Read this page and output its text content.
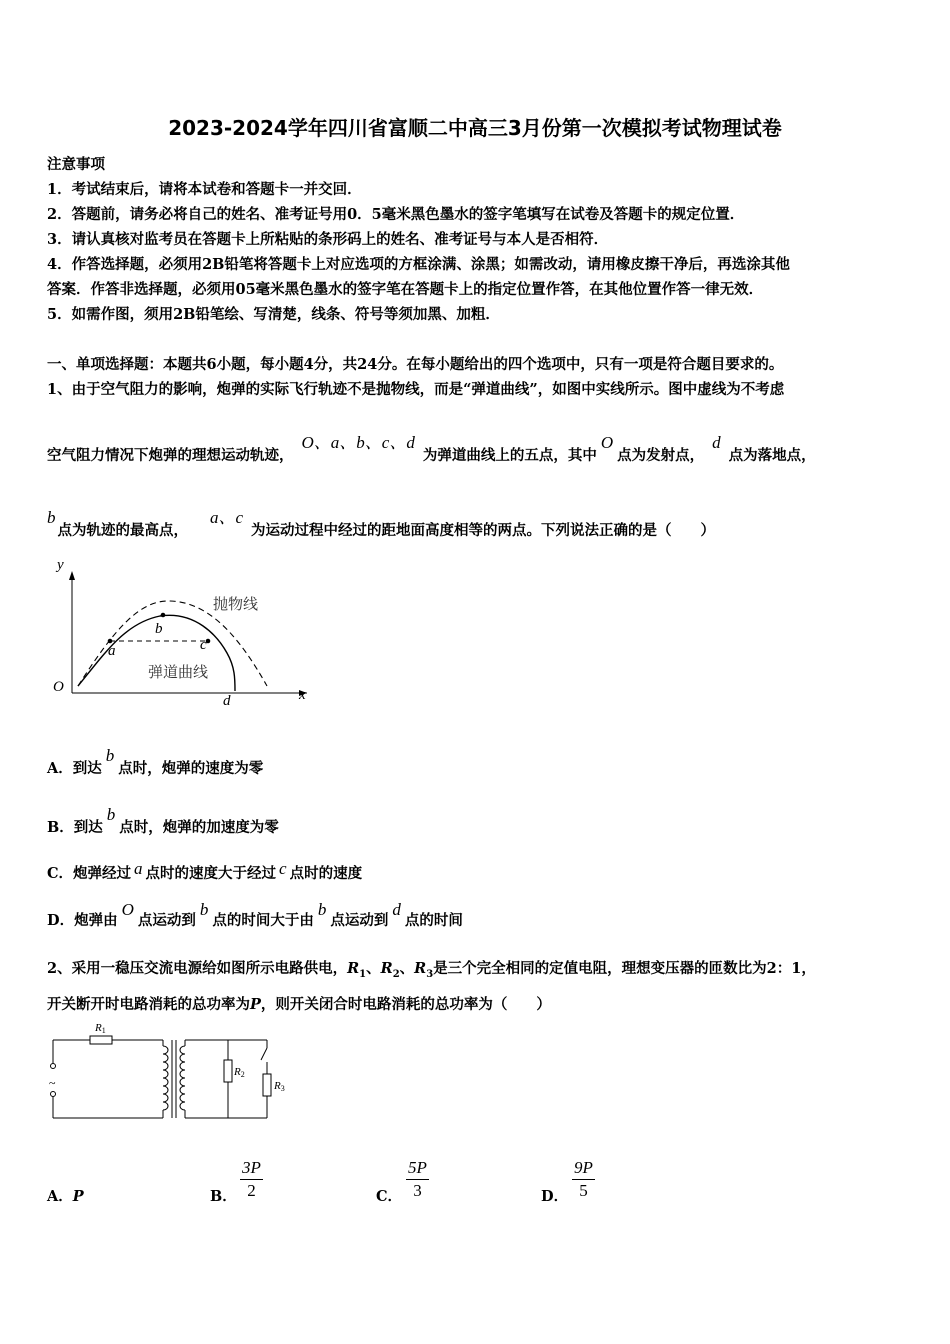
2023-2024学年四川省富顺二中高三3月份第一次模拟考试物理试卷
注意事项
1．考试结束后，请将本试卷和答题卡一并交回．
2．答题前，请务必将自己的姓名、准考证号用0．5毫米黑色墨水的签字笔填写在试卷及答题卡的规定位置．
3．请认真核对监考员在答题卡上所粘贴的条形码上的姓名、准考证号与本人是否相符．
4．作答选择题，必须用2B铅笔将答题卡上对应选项的方框涂满、涂黑；如需改动，请用橡皮擦干净后，再选涂其他
答案．作答非选择题，必须用05毫米黑色墨水的签字笔在答题卡上的指定位置作答，在其他位置作答一律无效．
5．如需作图，须用2B铅笔绘、写清楚，线条、符号等须加黑、加粗．
一、单项选择题：本题共6小题，每小题4分，共24分。在每小题给出的四个选项中，只有一项是符合题目要求的。
1、由于空气阻力的影响，炮弹的实际飞行轨迹不是抛物线，而是“弹道曲线”，如图中实线所示。图中虚线为不考虑
空气阻力情况下炮弹的理想运动轨迹，O、a、b、c、d为弹道曲线上的五点，其中O点为发射点，d点为落地点，
b点为轨迹的最高点，a、c为运动过程中经过的距地面高度相等的两点。下列说法正确的是（　　）
y
x
O
a
b
c
d
抛物线
弹道曲线
A．到达b点时，炮弹的速度为零
B．到达b点时，炮弹的加速度为零
C．炮弹经过 a 点时的速度大于经过 c 点时的速度
D．炮弹由O点运动到b点的时间大于由b点运动到d点的时间
2、采用一稳压交流电源给如图所示电路供电，$R_1$、$R_2$、$R_3$是三个完全相同的定值电阻，理想变压器的匝数比为2：1，
开关断开时电路消耗的总功率为P，则开关闭合时电路消耗的总功率为（　　）
~
R1
R2
R3
A．P	B．
3P
2	C．
5P
3	D．
9P
5
